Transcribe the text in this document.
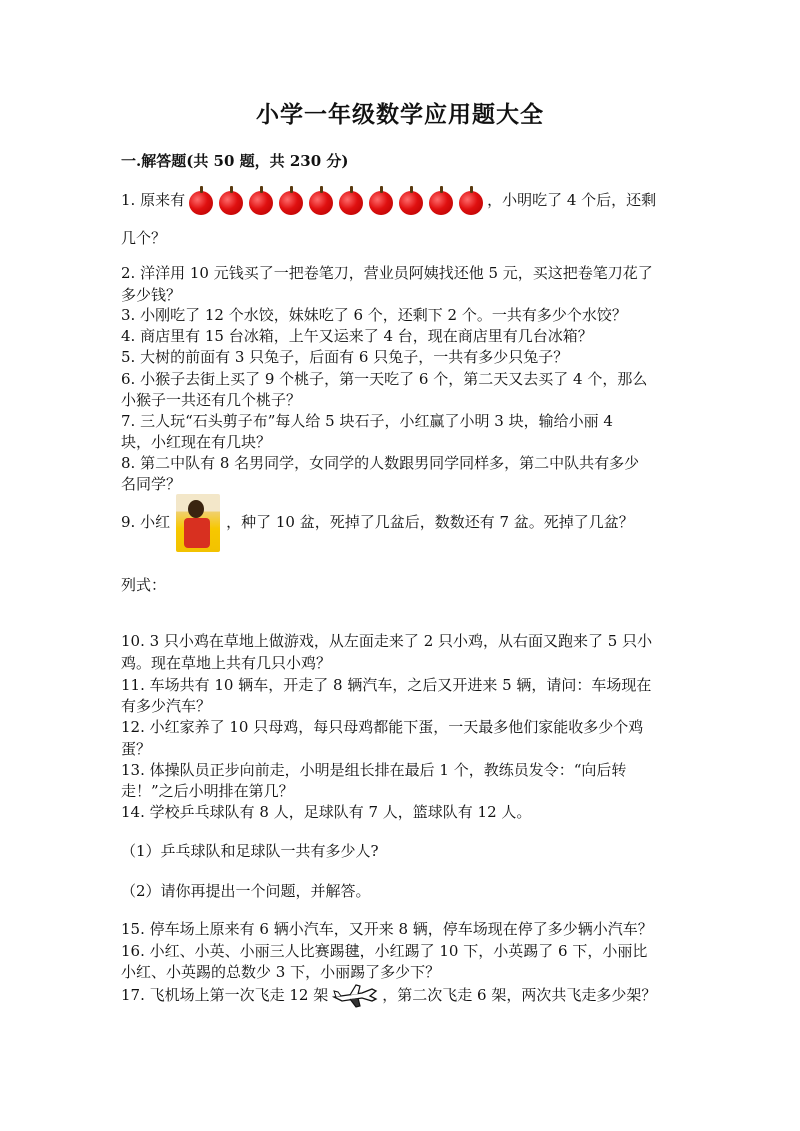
小学一年级数学应用题大全
一.解答题(共 50 题，共 230 分)
1. 原来有	，小明吃了 4 个后，还剩
几个？
2. 洋洋用 10 元钱买了一把卷笔刀，营业员阿姨找还他 5 元，买这把卷笔刀花了
多少钱？
3. 小刚吃了 12 个水饺，妹妹吃了 6 个，还剩下 2 个。一共有多少个水饺？
4. 商店里有 15 台冰箱，上午又运来了 4 台，现在商店里有几台冰箱？
5. 大树的前面有 3 只兔子，后面有 6 只兔子，一共有多少只兔子？
6. 小猴子去街上买了 9 个桃子，第一天吃了 6 个，第二天又去买了 4 个，那么
小猴子一共还有几个桃子？
7. 三人玩“石头剪子布”每人给 5 块石子，小红赢了小明 3 块，输给小丽 4
块，小红现在有几块？
8. 第二中队有 8 名男同学，女同学的人数跟男同学同样多，第二中队共有多少
名同学？
9. 小红	，种了 10 盆，死掉了几盆后，数数还有 7 盆。死掉了几盆？
列式：
10. 3 只小鸡在草地上做游戏，从左面走来了 2 只小鸡，从右面又跑来了 5 只小
鸡。现在草地上共有几只小鸡？
11. 车场共有 10 辆车，开走了 8 辆汽车，之后又开进来 5 辆，请问：车场现在
有多少汽车？
12. 小红家养了 10 只母鸡，每只母鸡都能下蛋，一天最多他们家能收多少个鸡
蛋？
13. 体操队员正步向前走，小明是组长排在最后 1 个，教练员发令：“向后转
走！”之后小明排在第几？
14. 学校乒乓球队有 8 人，足球队有 7 人，篮球队有 12 人。
（1）乒乓球队和足球队一共有多少人?
（2）请你再提出一个问题，并解答。
15. 停车场上原来有 6 辆小汽车，又开来 8 辆，停车场现在停了多少辆小汽车？
16. 小红、小英、小丽三人比赛踢毽，小红踢了 10 下，小英踢了 6 下，小丽比
小红、小英踢的总数少 3 下，小丽踢了多少下？
17. 飞机场上第一次飞走 12 架	，第二次飞走 6 架，两次共飞走多少架？
